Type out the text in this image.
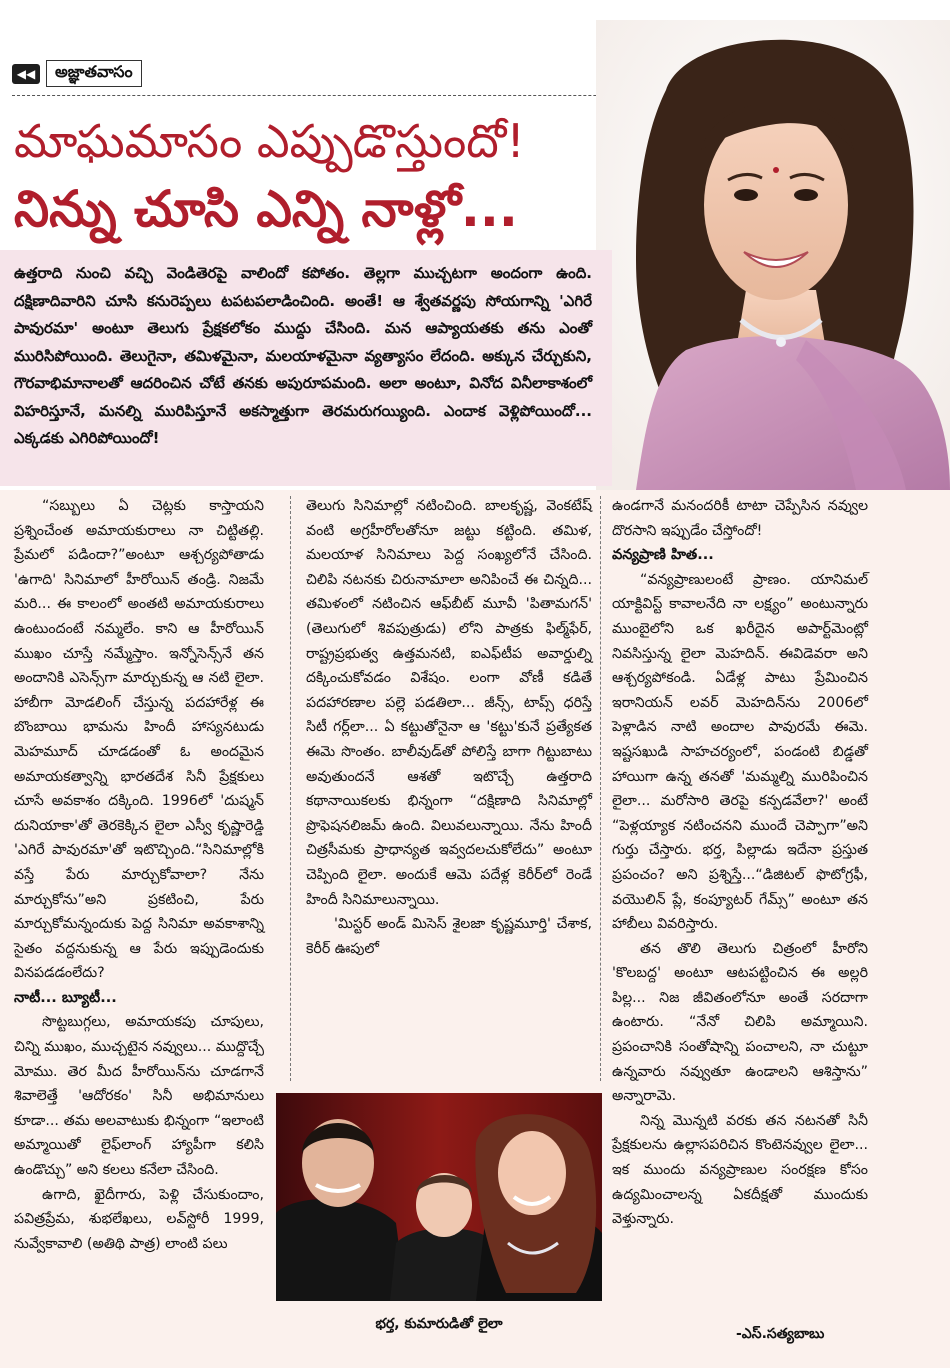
◀◀	అజ్ఞాతవాసం
మాఘమాసం ఎప్పుడొస్తుందో!
నిన్ను చూసి ఎన్ని నాళ్లో...

ఉత్తరాది నుంచి వచ్చి వెండితెరపై వాలిందో కపోతం. తెల్లగా ముచ్చటగా అందంగా ఉంది. దక్షిణాదివారిని చూసి కనురెప్పలు టపటపలాడించింది. అంతే! ఆ శ్వేతవర్ణపు సోయగాన్ని 'ఎగిరే పావురమా' అంటూ తెలుగు ప్రేక్షకలోకం ముద్దు చేసింది. మన ఆప్యాయతకు తను ఎంతో మురిసిపోయింది. తెలుగైనా, తమిళమైనా, మలయాళమైనా వ్యత్యాసం లేదంది. అక్కున చేర్చుకుని, గౌరవాభిమానాలతో ఆదరించిన చోటే తనకు అపురూపమంది. అలా అంటూ, వినోద వినీలాకాశంలో విహరిస్తూనే, మనల్ని మురిపిస్తూనే అకస్మాత్తుగా తెరమరుగయ్యింది. ఎందాక వెళ్లిపోయిందో... ఎక్కడకు ఎగిరిపోయిందో!

“సబ్బులు ఏ చెట్లకు కాస్తాయని ప్రశ్నించేంత అమాయకురాలు నా చిట్టితల్లి. ప్రేమలో పడిందా?”అంటూ ఆశ్చర్యపోతాడు 'ఉగాది' సినిమాలో హీరోయిన్ తండ్రి. నిజమే మరి... ఈ కాలంలో అంతటి అమాయకురాలు ఉంటుందంటే నమ్మలేం. కాని ఆ హీరోయిన్ ముఖం చూస్తే నమ్మేస్తాం. ఇన్నోసెన్స్‌నే తన అందానికి ఎసెన్స్‌గా మార్చుకున్న ఆ నటి లైలా. హాబీగా మోడలింగ్ చేస్తున్న పదహారేళ్ల ఈ బొంబాయి భామను హిందీ హాస్యనటుడు మెహమూద్ చూడడంతో ఓ అందమైన అమాయకత్వాన్ని భారతదేశ సినీ ప్రేక్షకులు చూసే అవకాశం దక్కింది. 1996లో 'దుష్మన్ దునియాకా'తో తెరకెక్కిన లైలా ఎస్వీ కృష్ణారెడ్డి 'ఎగిరే పావురమా'తో ఇటొచ్చింది.“సినిమాల్లోకి వస్తే పేరు మార్చుకోవాలా? నేను మార్చుకోను”అని ప్రకటించి, పేరు మార్చుకోమన్నందుకు పెద్ద సినిమా అవకాశాన్ని సైతం వద్దనుకున్న ఆ పేరు ఇప్పుడెందుకు వినపడడంలేదు?

నాటీ... బ్యూటీ...

సొట్టబుగ్గలు, అమాయకపు చూపులు, చిన్ని ముఖం, ముచ్చటైన నవ్వులు... ముద్దొచ్చే మోము. తెర మీద హీరోయిన్‌ను చూడగానే శివాలెత్తే 'ఆదోరకం' సినీ అభిమానులు కూడా... తమ అలవాటుకు భిన్నంగా “ఇలాంటి అమ్మాయితో లైఫ్‌లాంగ్ హ్యాపీగా కలిసి ఉండొచ్చు” అని కలలు కనేలా చేసింది.

ఉగాది, ఖైదీగారు, పెళ్లి చేసుకుందాం, పవిత్రప్రేమ, శుభలేఖలు, లవ్‌స్టోరీ 1999, నువ్వేకావాలి (అతిథి పాత్ర) లాంటి పలు

తెలుగు సినిమాల్లో నటించింది. బాలకృష్ణ, వెంకటేష్ వంటి అగ్రహీరోలతోనూ జట్టు కట్టింది. తమిళ, మలయాళ సినిమాలు పెద్ద సంఖ్యలోనే చేసింది. చిలిపి నటనకు చిరునామాలా అనిపించే ఈ చిన్నది... తమిళంలో నటించిన ఆఫ్‌బీట్ మూవీ 'పితామగన్' (తెలుగులో శివపుత్రుడు) లోని పాత్రకు ఫిల్మ్‌ఫేర్, రాష్ట్రప్రభుత్వ ఉత్తమనటి, ఐఎఫ్‌టీప అవార్డుల్ని దక్కించుకోవడం విశేషం. లంగా వోణీ కడితే పదహారణాల పల్లె పడతిలా... జీన్స్, టాప్స్ ధరిస్తే సిటీ గర్ల్‌లా... ఏ కట్టుతోనైనా ఆ 'కట్టు'కునే ప్రత్యేకత ఈమె సొంతం. బాలీవుడ్‌తో పోలిస్తే బాగా గిట్టుబాటు అవుతుందనే ఆశతో ఇటొచ్చే ఉత్తరాది కథానాయికలకు భిన్నంగా “దక్షిణాది సినిమాల్లో ప్రొఫెషనలిజమ్ ఉంది. విలువలున్నాయి. నేను హిందీ చిత్రసీమకు ప్రాధాన్యత ఇవ్వదలచుకోలేదు” అంటూ చెప్పింది లైలా. అందుకే ఆమె పదేళ్ల కెరీర్‌లో రెండే హిందీ సినిమాలున్నాయి.

'మిస్టర్ అండ్ మిసెస్ శైలజా కృష్ణమూర్తి' చేశాక, కెరీర్ ఊపులో

ఉండగానే మనందరికీ టాటా చెప్పేసిన నవ్వుల దొరసాని ఇప్పుడేం చేస్తోందో!

వన్యప్రాణి హిత...

“వన్యప్రాణులంటే ప్రాణం. యానిమల్ యాక్టివిస్ట్ కావాలనేది నా లక్ష్యం” అంటున్నారు ముంబైలోని ఒక ఖరీదైన అపార్ట్‌మెంట్లో నివసిస్తున్న లైలా మెహదిన్. ఈవిడెవరా అని ఆశ్చర్యపోకండి. ఏడేళ్ల పాటు ప్రేమించిన ఇరానియన్ లవర్ మెహదిన్‌ను 2006లో పెళ్లాడిన నాటి అందాల పావురమే ఈమె. ఇష్టసఖుడి సాహచర్యంలో, పండంటి బిడ్డతో హాయిగా ఉన్న తనతో 'మమ్మల్ని మురిపించిన లైలా... మరోసారి తెరపై కన్పడవేలా?' అంటే “పెళ్లయ్యాక నటించనని ముందే చెప్పాగా”అని గుర్తు చేస్తారు. భర్త, పిల్లాడు ఇదేనా ప్రస్తుత ప్రపంచం? అని ప్రశ్నిస్తే...“డిజిటల్ ఫొటోగ్రఫీ, వయొలిన్ ప్లే, కంప్యూటర్ గేమ్స్” అంటూ తన హాబీలు వివరిస్తారు.

తన తొలి తెలుగు చిత్రంలో హీరోని 'కొలబద్ద' అంటూ ఆటపట్టించిన ఈ అల్లరి పిల్ల... నిజ జీవితంలోనూ అంతే సరదాగా ఉంటారు. “నేనో చిలిపి అమ్మాయిని. ప్రపంచానికి సంతోషాన్ని పంచాలని, నా చుట్టూ ఉన్నవారు నవ్వుతూ ఉండాలని ఆశిస్తాను” అన్నారామె.

నిన్న మొన్నటి వరకు తన నటనతో సినీ ప్రేక్షకులను ఉల్లాసపరిచిన కొంటెనవ్వుల లైలా... ఇక ముందు వన్యప్రాణుల సంరక్షణ కోసం ఉద్యమించాలన్న ఏకదీక్షతో ముందుకు వెళ్తున్నారు.

భర్త, కుమారుడితో లైలా
-ఎస్.సత్యబాబు
